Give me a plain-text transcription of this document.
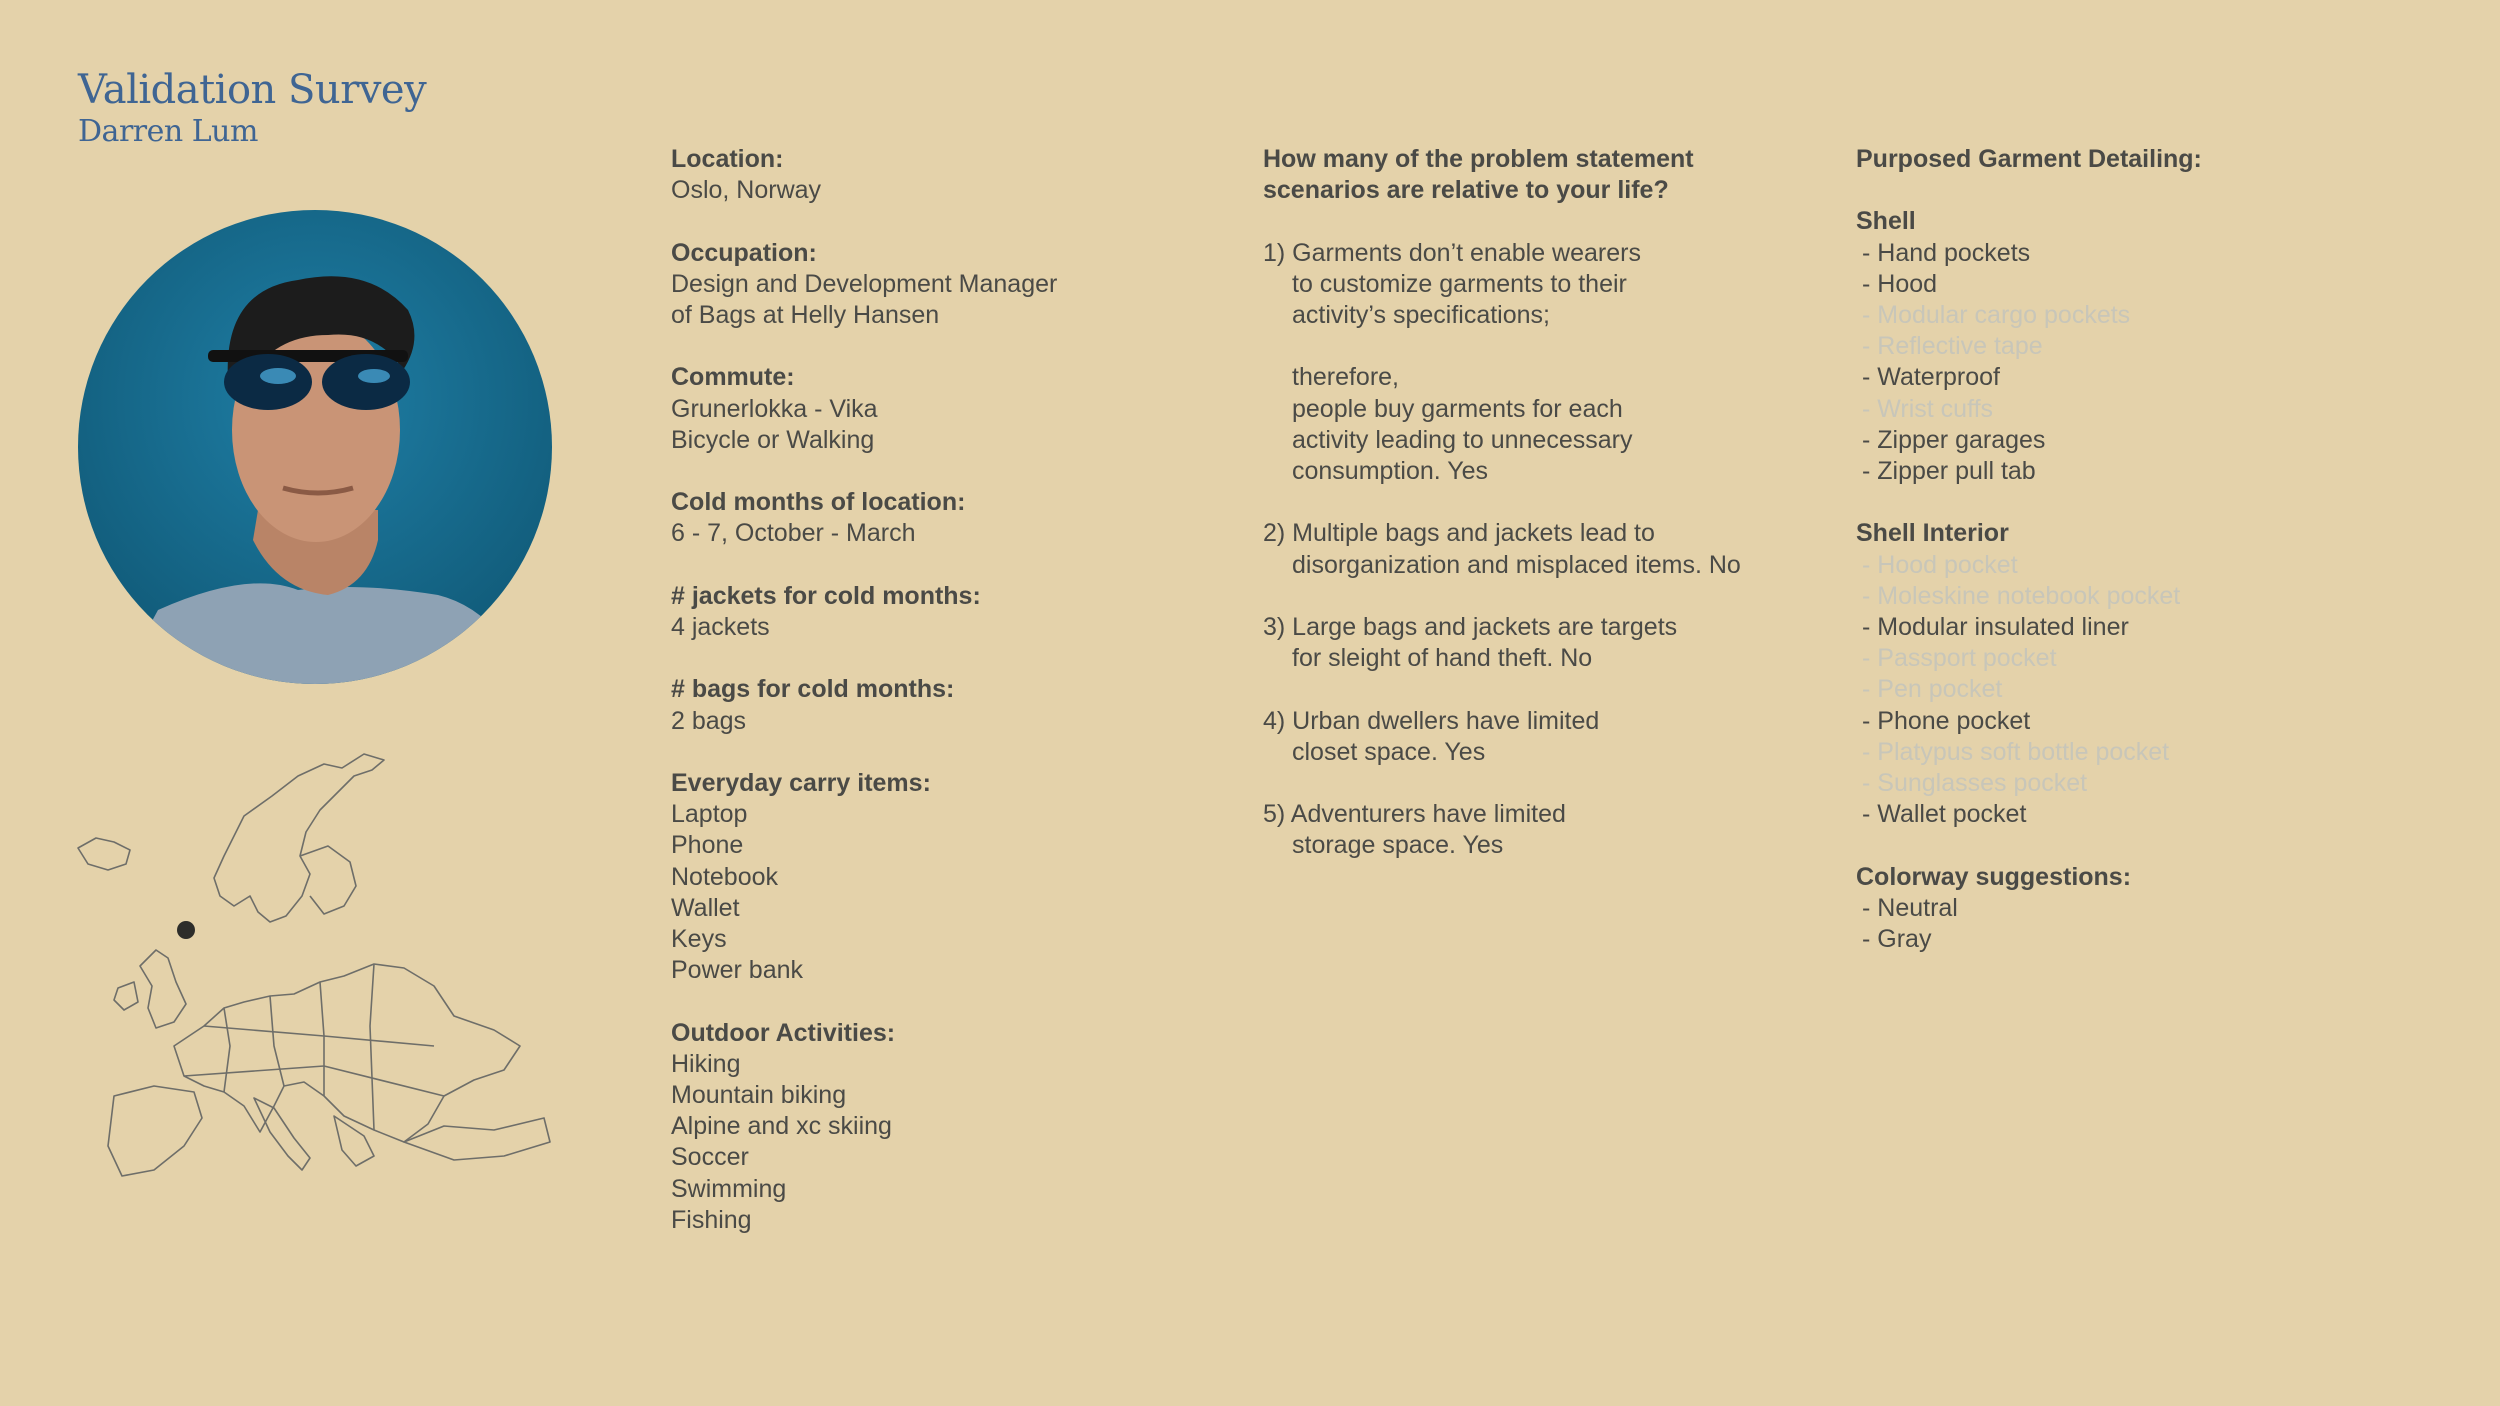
Validation Survey
Darren Lum
Location:
Oslo, Norway
Occupation:
Design and Development Manager
of Bags at Helly Hansen
Commute:
Grunerlokka - Vika
Bicycle or Walking
Cold months of location:
6 - 7, October - March
# jackets for cold months:
4 jackets
# bags for cold months:
2 bags
Everyday carry items:
Laptop
Phone
Notebook
Wallet
Keys
Power bank
Outdoor Activities:
Hiking
Mountain biking
Alpine and xc skiing
Soccer
Swimming
Fishing
How many of the problem statement
scenarios are relative to your life?
1) Garments don’t enable wearers
to customize garments to their
activity’s specifications;
therefore,
people buy garments for each
activity leading to unnecessary
consumption. Yes
2) Multiple bags and jackets lead to
disorganization and misplaced items. No
3) Large bags and jackets are targets
for sleight of hand theft. No
4) Urban dwellers have limited
closet space. Yes
5) Adventurers have limited
storage space. Yes
Purposed Garment Detailing:
Shell
- Hand pockets
- Hood
- Modular cargo pockets
- Reflective tape
- Waterproof
- Wrist cuffs
- Zipper garages
- Zipper pull tab
Shell Interior
- Hood pocket
- Moleskine notebook pocket
- Modular insulated liner
- Passport pocket
- Pen pocket
- Phone pocket
- Platypus soft bottle pocket
- Sunglasses pocket
- Wallet pocket
Colorway suggestions:
- Neutral
- Gray
